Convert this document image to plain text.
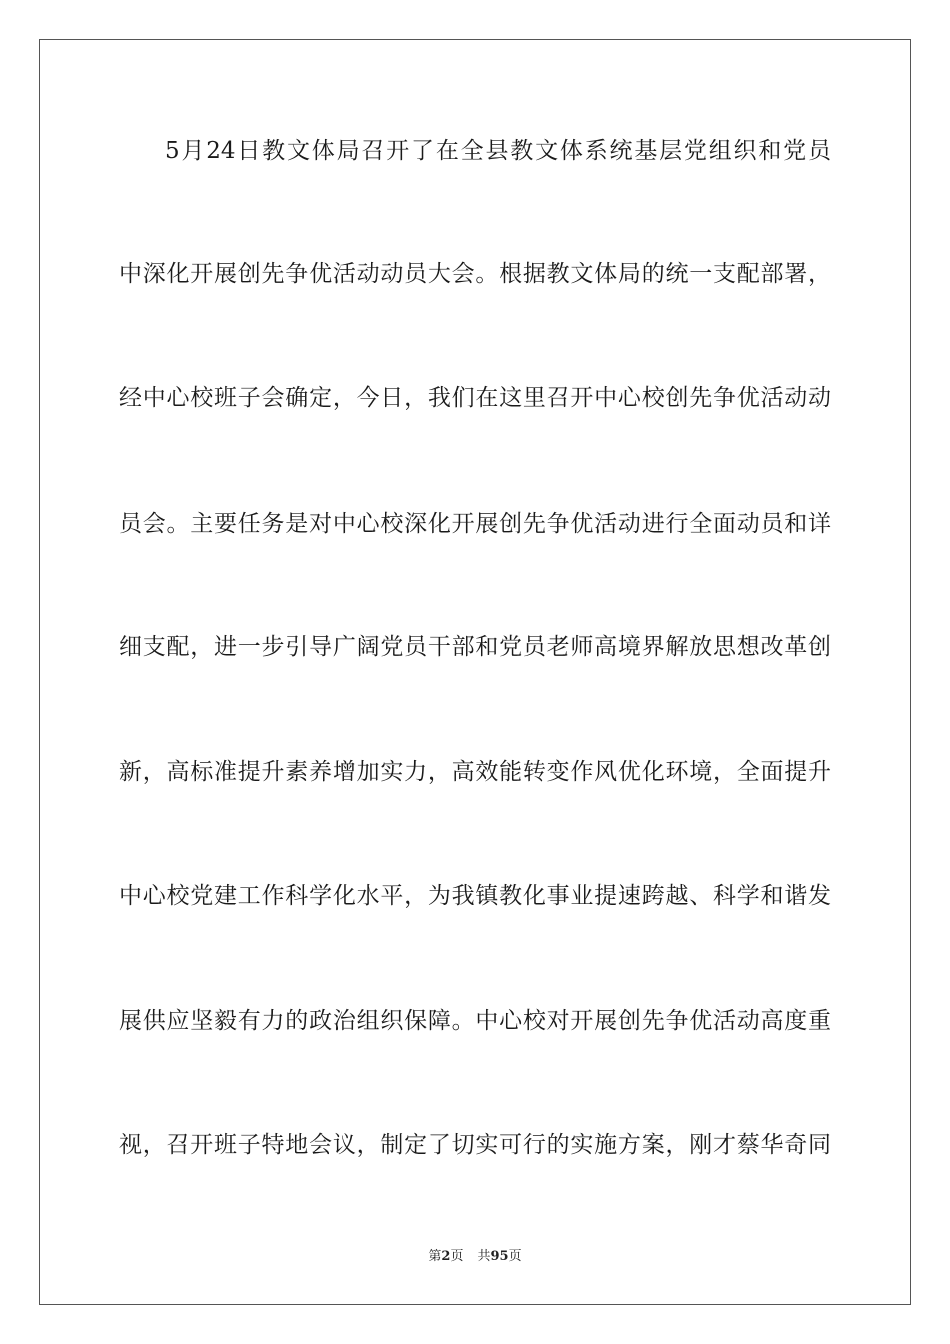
5月24日教文体局召开了在全县教文体系统基层党组织和党员
中深化开展创先争优活动动员大会。根据教文体局的统一支配部署，
经中心校班子会确定，今日，我们在这里召开中心校创先争优活动动
员会。主要任务是对中心校深化开展创先争优活动进行全面动员和详
细支配，进一步引导广阔党员干部和党员老师高境界解放思想改革创
新，高标准提升素养增加实力，高效能转变作风优化环境，全面提升
中心校党建工作科学化水平，为我镇教化事业提速跨越、科学和谐发
展供应坚毅有力的政治组织保障。中心校对开展创先争优活动高度重
视，召开班子特地会议，制定了切实可行的实施方案，刚才蔡华奇同
第2页 共95页
